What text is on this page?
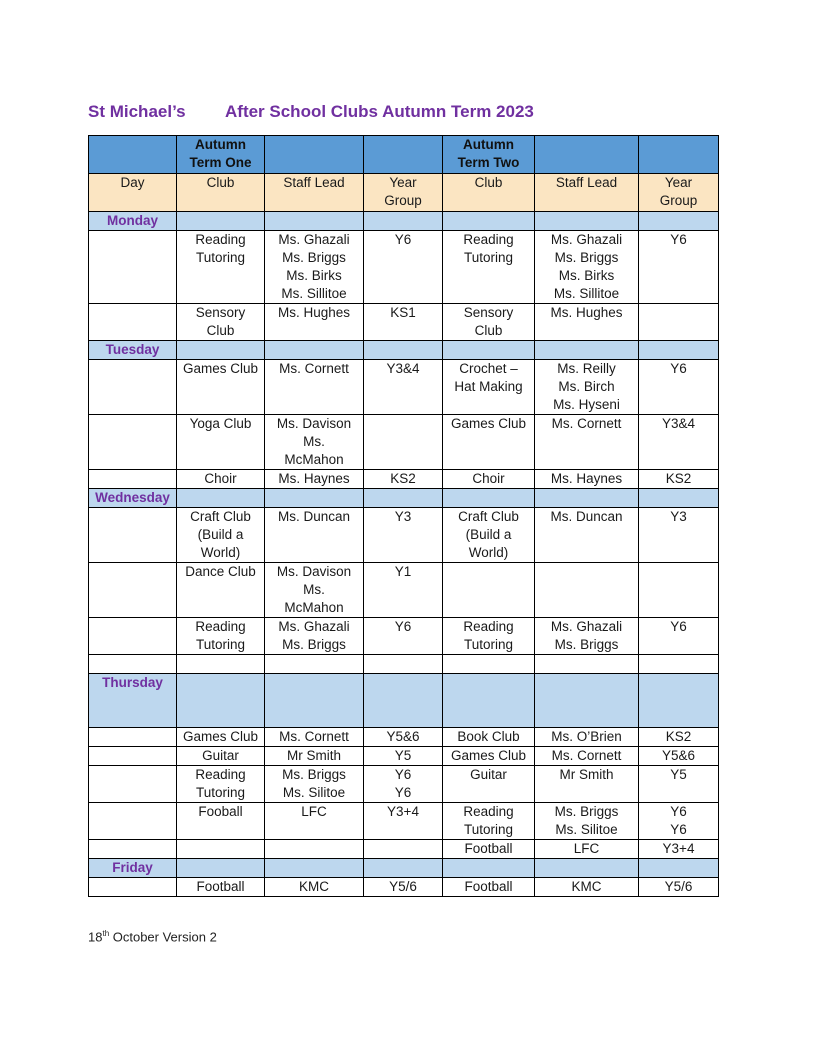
St Michael’s After School Clubs Autumn Term 2023

	Autumn
Term One			Autumn
Term Two		

Day	Club	Staff Lead	Year
Group	Club	Staff Lead	Year
Group

Monday						

	Reading
Tutoring	Ms. Ghazali
Ms. Briggs
Ms. Birks
Ms. Sillitoe	Y6	Reading
Tutoring	Ms. Ghazali
Ms. Briggs
Ms. Birks
Ms. Sillitoe	Y6

	Sensory
Club	Ms. Hughes	KS1	Sensory
Club	Ms. Hughes	

Tuesday						

	Games Club	Ms. Cornett	Y3&4	Crochet –
Hat Making	Ms. Reilly
Ms. Birch
Ms. Hyseni	Y6

	Yoga Club	Ms. Davison
Ms.
McMahon		Games Club	Ms. Cornett	Y3&4

	Choir	Ms. Haynes	KS2	Choir	Ms. Haynes	KS2

Wednesday						

	Craft Club
(Build a
World)	Ms. Duncan	Y3	Craft Club
(Build a
World)	Ms. Duncan	Y3

	Dance Club	Ms. Davison
Ms.
McMahon	Y1			

	Reading
Tutoring	Ms. Ghazali
Ms. Briggs	Y6	Reading
Tutoring	Ms. Ghazali
Ms. Briggs	Y6

Thursday						

	Games Club	Ms. Cornett	Y5&6	Book Club	Ms. O’Brien	KS2

	Guitar	Mr Smith	Y5	Games Club	Ms. Cornett	Y5&6

	Reading
Tutoring	Ms. Briggs
Ms. Silitoe	Y6
Y6	Guitar	Mr Smith	Y5

	Fooball	LFC	Y3+4	Reading
Tutoring	Ms. Briggs
Ms. Silitoe	Y6
Y6

				Football	LFC	Y3+4

Friday						

	Football	KMC	Y5/6	Football	KMC	Y5/6
18th October Version 2
